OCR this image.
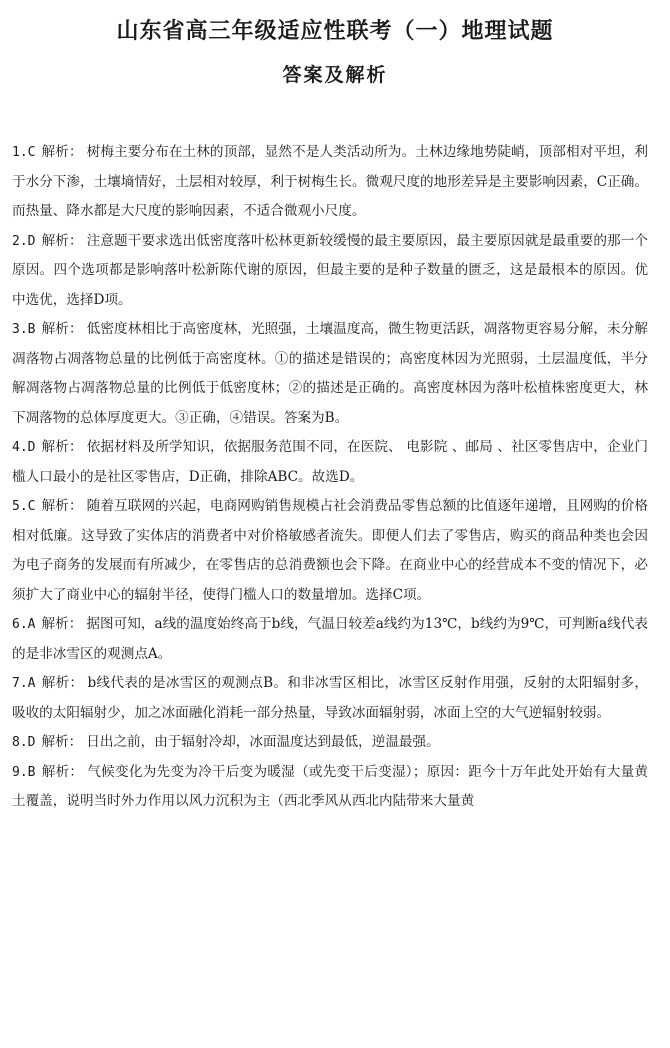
山东省高三年级适应性联考（一）地理试题
答案及解析

1.C 解析： 树梅主要分布在土林的顶部，显然不是人类活动所为。土林边缘地势陡峭，顶部相对平坦，利于水分下渗，土壤墒情好，土层相对较厚，利于树梅生长。微观尺度的地形差异是主要影响因素，C正确。而热量、降水都是大尺度的影响因素，不适合微观小尺度。

2.D 解析： 注意题干要求选出低密度落叶松林更新较缓慢的最主要原因，最主要原因就是最重要的那一个原因。四个选项都是影响落叶松新陈代谢的原因，但最主要的是种子数量的匮乏，这是最根本的原因。优中选优，选择D项。

3.B 解析： 低密度林相比于高密度林，光照强，土壤温度高，微生物更活跃，凋落物更容易分解，未分解凋落物占凋落物总量的比例低于高密度林。①的描述是错误的；高密度林因为光照弱，土层温度低，半分解凋落物占凋落物总量的比例低于低密度林；②的描述是正确的。高密度林因为落叶松植株密度更大，林下凋落物的总体厚度更大。③正确，④错误。答案为B。

4.D 解析： 依据材料及所学知识，依据服务范围不同，在医院、 电影院 、邮局 、社区零售店中，企业门槛人口最小的是社区零售店，D正确，排除ABC。故选D。

5.C 解析： 随着互联网的兴起，电商网购销售规模占社会消费品零售总额的比值逐年递增，且网购的价格相对低廉。这导致了实体店的消费者中对价格敏感者流失。即便人们去了零售店，购买的商品种类也会因为电子商务的发展而有所减少，在零售店的总消费额也会下降。在商业中心的经营成本不变的情况下，必须扩大了商业中心的辐射半径，使得门槛人口的数量增加。选择C项。

6.A 解析： 据图可知，a线的温度始终高于b线，气温日较差a线约为13℃，b线约为9℃，可判断a线代表的是非冰雪区的观测点A。

7.A 解析： b线代表的是冰雪区的观测点B。和非冰雪区相比，冰雪区反射作用强，反射的太阳辐射多，吸收的太阳辐射少，加之冰面融化消耗一部分热量，导致冰面辐射弱，冰面上空的大气逆辐射较弱。

8.D 解析： 日出之前，由于辐射冷却，冰面温度达到最低，逆温最强。

9.B 解析： 气候变化为先变为冷干后变为暖湿（或先变干后变湿）；原因：距今十万年此处开始有大量黄土覆盖，说明当时外力作用以风力沉积为主（西北季风从西北内陆带来大量黄
